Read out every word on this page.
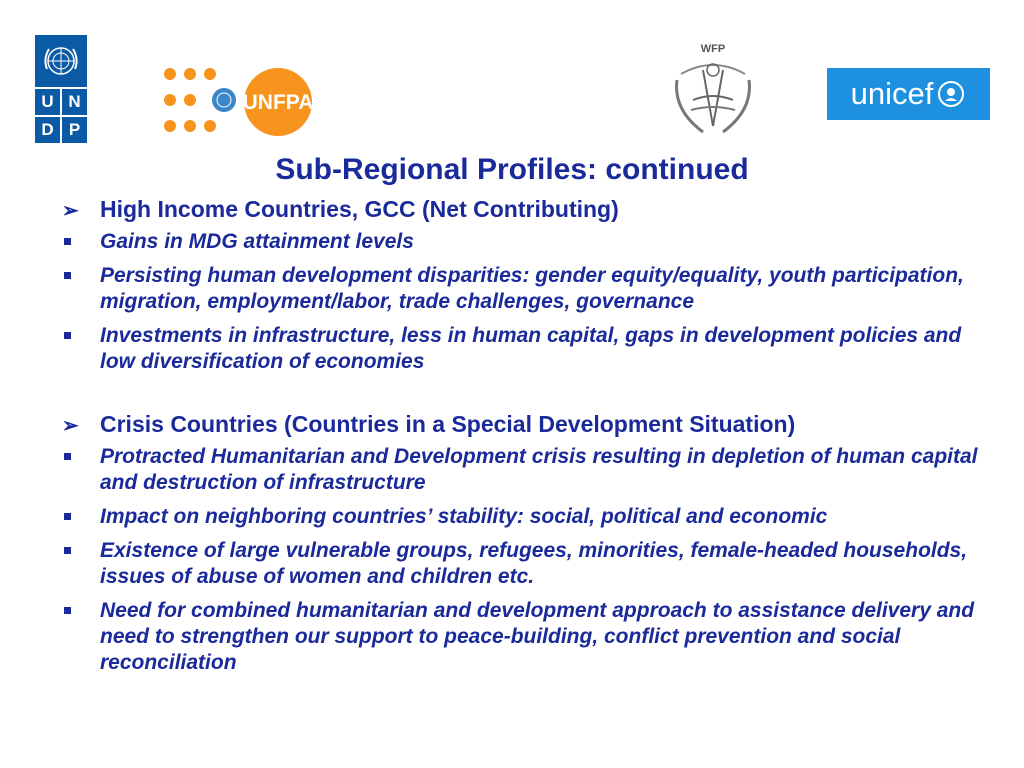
U N
D P
UNFPA
WFP
unicef
Sub-Regional Profiles: continued
➢ High Income Countries, GCC (Net Contributing)
Gains in MDG attainment levels
Persisting human development disparities: gender equity/equality, youth participation, migration, employment/labor, trade challenges, governance
Investments in infrastructure, less in human capital, gaps in development policies and low diversification of economies
➢ Crisis Countries (Countries in a Special Development Situation)
Protracted Humanitarian and Development crisis resulting in depletion of human capital and destruction of infrastructure
Impact on neighboring countries’ stability: social, political and economic
Existence of large vulnerable groups, refugees, minorities, female-headed households, issues of abuse of women and children etc.
Need for combined humanitarian and development approach to assistance delivery and need to strengthen our support to peace-building, conflict prevention and social reconciliation
